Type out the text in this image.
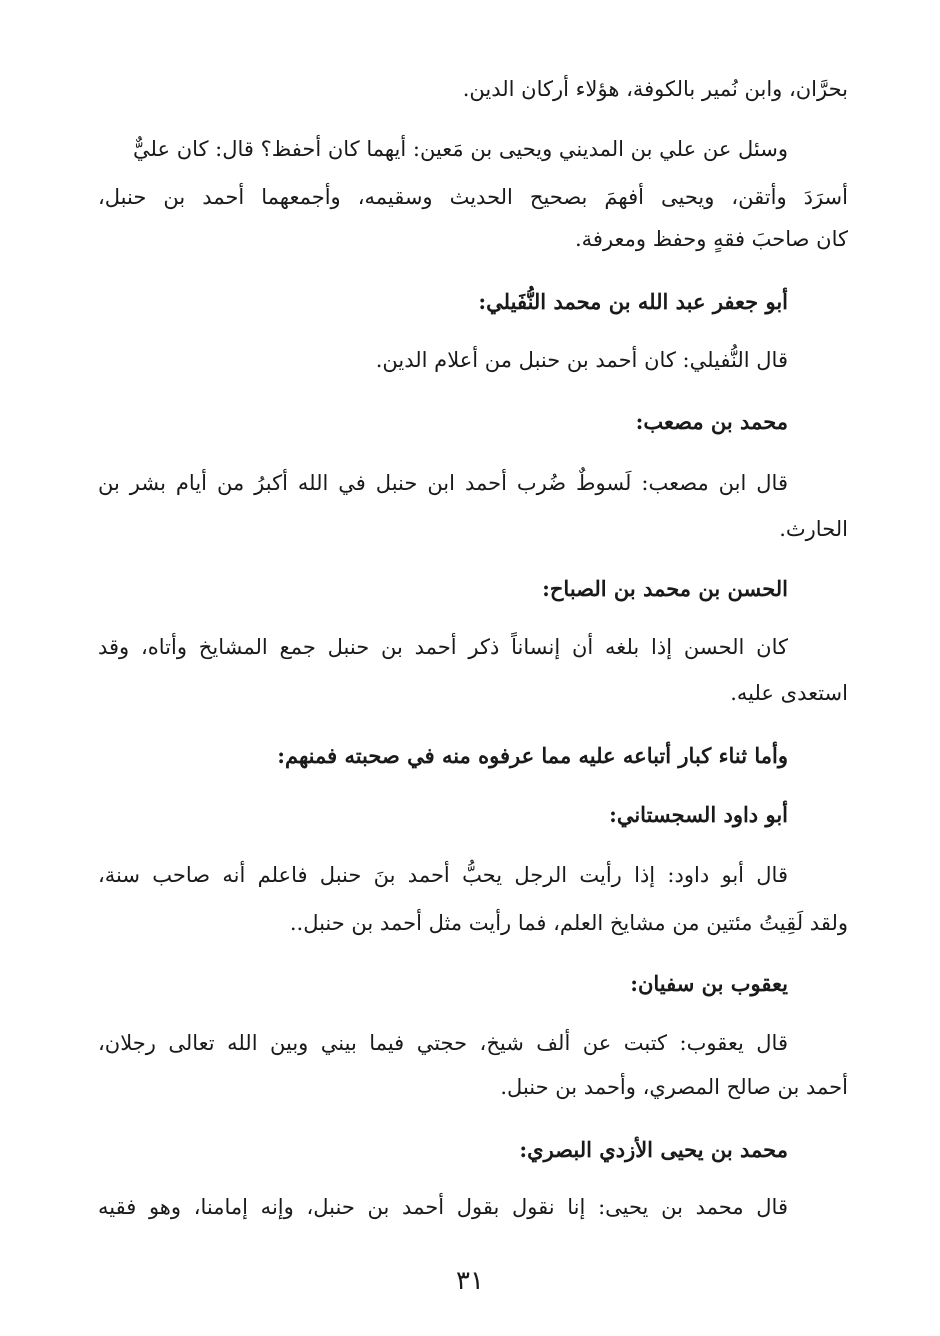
بحرَّان، وابن نُمير بالكوفة، هؤلاء أركان الدين.

وسئل عن علي بن المديني ويحيى بن مَعين: أيهما كان أحفظ؟ قال: كان عليٌّ

أسرَدَ وأتقن، ويحيى أفهمَ بصحيح الحديث وسقيمه، وأجمعهما أحمد بن حنبل،

كان صاحبَ فقهٍ وحفظ ومعرفة.

أبو جعفر عبد الله بن محمد النُّفَيلي:

قال النُّفيلي: كان أحمد بن حنبل من أعلام الدين.

محمد بن مصعب:

قال ابن مصعب: لَسوطٌ ضُرب أحمد ابن حنبل في الله أكبرُ من أيام بشر بن

الحارث.

الحسن بن محمد بن الصباح:

كان الحسن إذا بلغه أن إنساناً ذكر أحمد بن حنبل جمع المشايخ وأتاه، وقد

استعدى عليه.

وأما ثناء كبار أتباعه عليه مما عرفوه منه في صحبته فمنهم:

أبو داود السجستاني:

قال أبو داود: إذا رأيت الرجل يحبُّ أحمد بنَ حنبل فاعلم أنه صاحب سنة،

ولقد لَقِيتُ مئتين من مشايخ العلم، فما رأيت مثل أحمد بن حنبل..

يعقوب بن سفيان:

قال يعقوب: كتبت عن ألف شيخ، حجتي فيما بيني وبين الله تعالى رجلان،

أحمد بن صالح المصري، وأحمد بن حنبل.

محمد بن يحيى الأزدي البصري:

قال محمد بن يحيى: إنا نقول بقول أحمد بن حنبل، وإنه إمامنا، وهو فقيه

٣١
